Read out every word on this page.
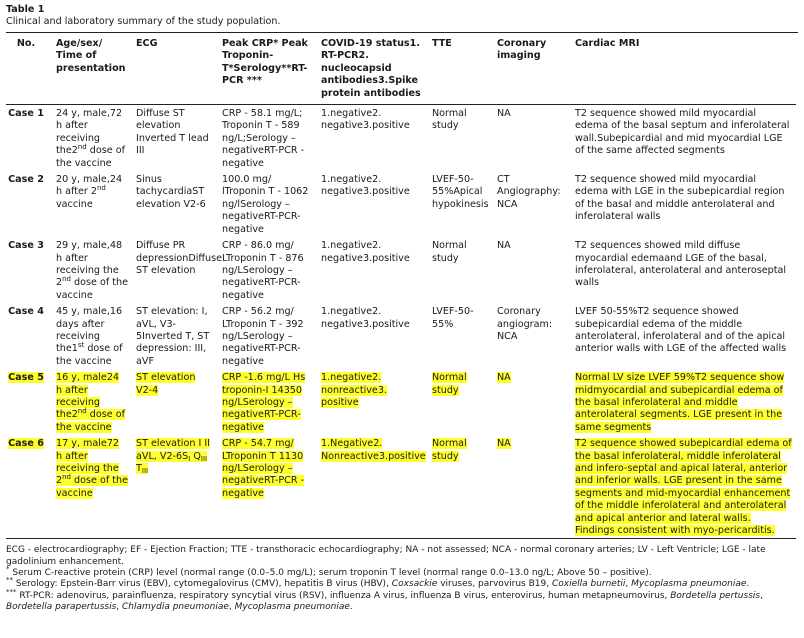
Table 1
Clinical and laboratory summary of the study population.
No.	Age/sex/ Time of presentation	ECG	Peak CRP* Peak Troponin-T*Serology**RT-PCR ***	COVID-19 status1. RT-PCR2. nucleocapsid antibodies3.Spike protein antibodies	TTE	Coronary imaging	Cardiac MRI
Case 1	24 y, male,72 h after receiving the2nd dose of the vaccine	Diffuse ST elevation Inverted T lead III	CRP - 58.1 mg/L; Troponin T - 589 ng/L;Serology – negativeRT-PCR - negative	1.negative2. negative3.positive	Normal study	NA	T2 sequence showed mild myocardial edema of the basal septum and inferolateral wall.Subepicardial and mid myocardial LGE of the same affected segments
Case 2	20 y, male,24 h after 2nd vaccine	Sinus tachycardiaST elevation V2-6	100.0 mg/ lTroponin T - 1062 ng/lSerology – negativeRT-PCR-negative	1.negative2. negative3.positive	LVEF-50-55%Apical hypokinesis	CT Angiography: NCA	T2 sequence showed mild myocardial edema with LGE in the subepicardial region of the basal and middle anterolateral and inferolateral walls
Case 3	29 y, male,48 h after receiving the 2nd dose of the vaccine	Diffuse PR depressionDiffuse ST elevation	CRP - 86.0 mg/ LTroponin T - 876 ng/LSerology – negativeRT-PCR-negative	1.negative2. negative3.positive	Normal study	NA	T2 sequences showed mild diffuse myocardial edemaand LGE of the basal, inferolateral, anterolateral and anteroseptal walls
Case 4	45 y, male,16 days after receiving the1st dose of the vaccine	ST elevation: I, aVL, V3-5Inverted T, ST depression: III, aVF	CRP - 56.2 mg/ LTroponin T - 392 ng/LSerology – negativeRT-PCR-negative	1.negative2. negative3.positive	LVEF-50-55%	Coronary angiogram: NCA	LVEF 50-55%T2 sequence showed subepicardial edema of the middle anterolateral, inferolateral and of the apical anterior walls with LGE of the affected walls
Case 5	16 y, male24 h after receiving the2nd dose of the vaccine	ST elevation V2-4	CRP -1.6 mg/L Hs troponin-I 14350 ng/LSerology – negativeRT-PCR-negative	1.negative2. nonreactive3. positive	Normal study	NA	Normal LV size LVEF 59%T2 sequence show midmyocardial and subepicardial edema of the basal inferolateral and middle anterolateral segments. LGE present in the same segments
Case 6	17 y, male72 h after receiving the 2nd dose of the vaccine	ST elevation I II aVL, $V2-6S_I$ $Q_{III}$ $T_{III}$	CRP - 54.7 mg/ LTroponin T 1130 ng/LSerology – negativeRT-PCR - negative	1.Negative2. Nonreactive3.positive	Normal study	NA	T2 sequence showed subepicardial edema of the basal inferolateral, middle inferolateral and infero-septal and apical lateral, anterior and inferior walls. LGE present in the same segments and mid-myocardial enhancement of the middle inferolateral and anterolateral and apical anterior and lateral walls. Findings consistent with myo-pericarditis.

ECG - electrocardiography; EF - Ejection Fraction; TTE - transthoracic echocardiography; NA - not assessed; NCA - normal coronary arteries; LV - Left Ventricle; LGE - late gadolinium enhancement.

* Serum C-reactive protein (CRP) level (normal range (0.0–5.0 mg/L); serum troponin T level (normal range 0.0–13.0 ng/L; Above 50 – positive).

** Serology: Epstein-Barr virus (EBV), cytomegalovirus (CMV), hepatitis B virus (HBV), Coxsackie viruses, parvovirus B19, Coxiella burnetii, Mycoplasma pneumoniae.

*** RT-PCR: adenovirus, parainfluenza, respiratory syncytial virus (RSV), influenza A virus, influenza B virus, enterovirus, human metapneumovirus, Bordetella pertussis, Bordetella parapertussis, Chlamydia pneumoniae, Mycoplasma pneumoniae.
